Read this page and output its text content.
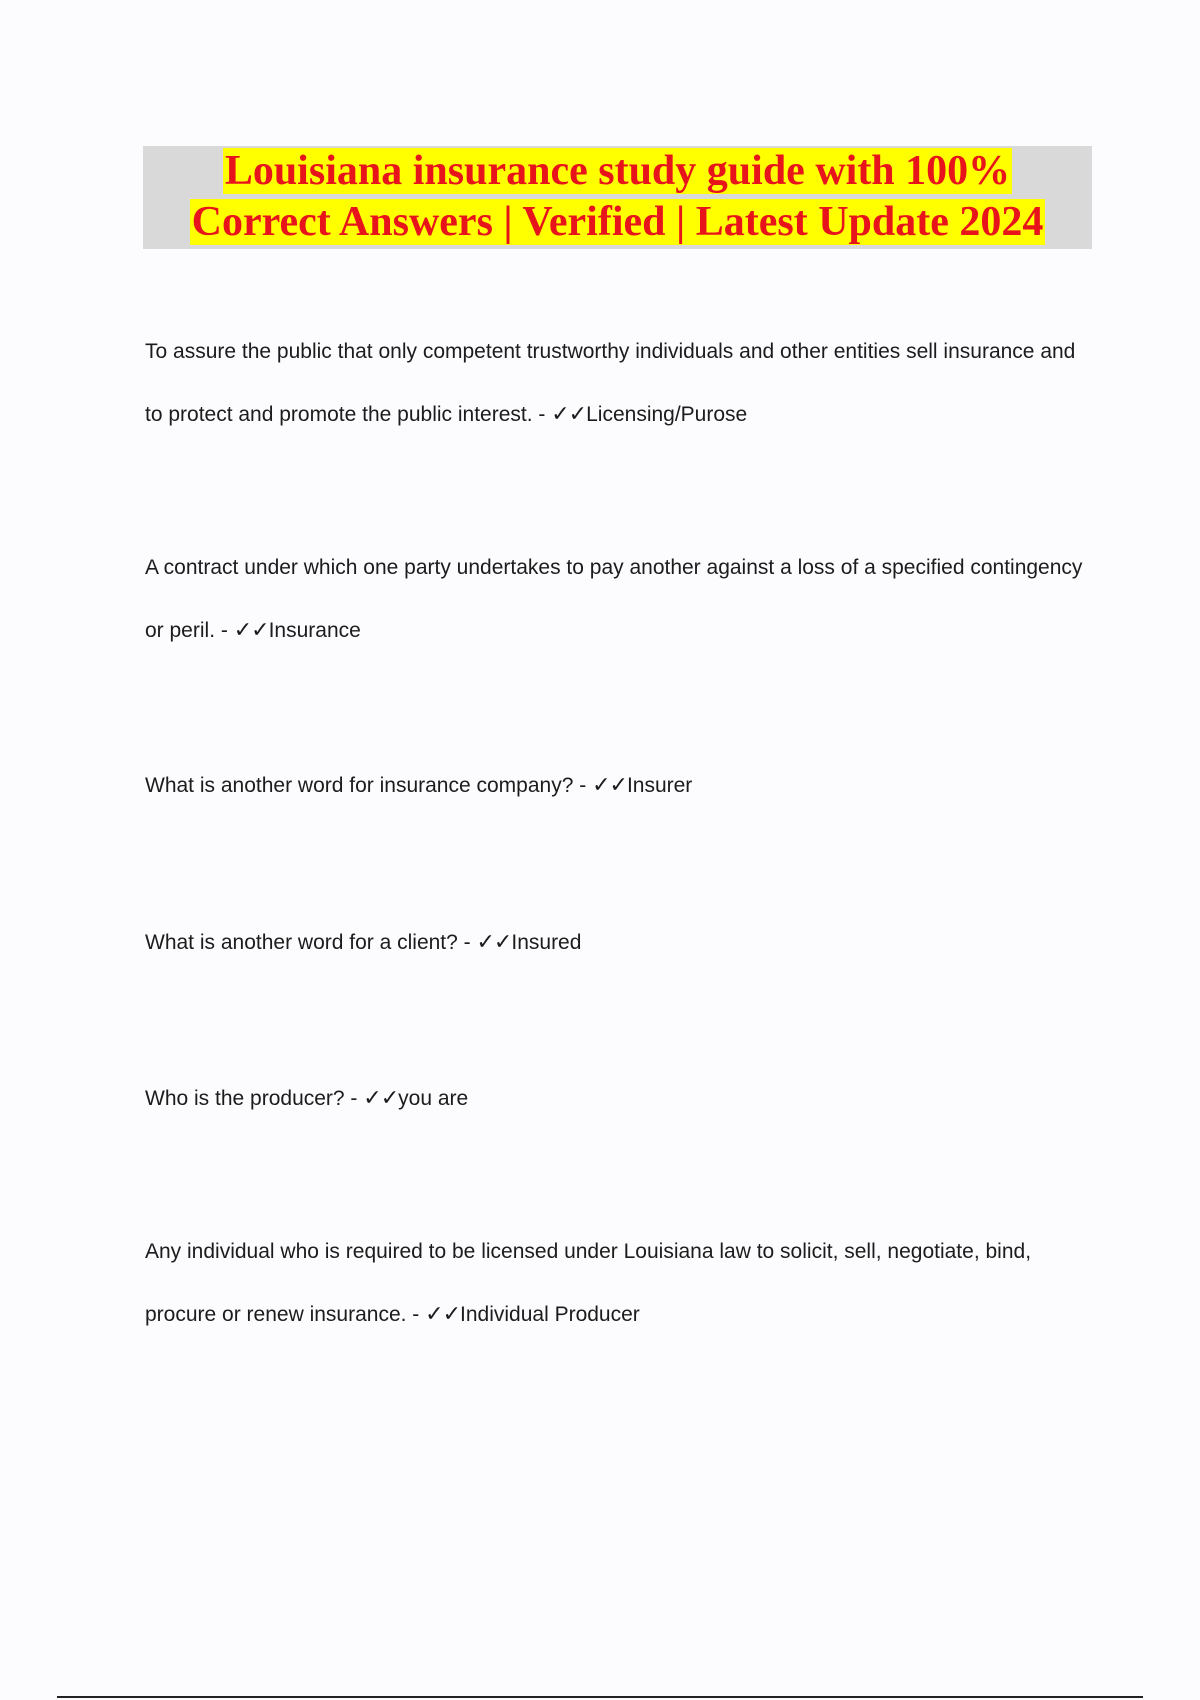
Louisiana insurance study guide with 100%
Correct Answers | Verified | Latest Update 2024
To assure the public that only competent trustworthy individuals and other entities sell insurance and to protect and promote the public interest. - ✓✓Licensing/Purose
A contract under which one party undertakes to pay another against a loss of a specified contingency or peril. - ✓✓Insurance
What is another word for insurance company? - ✓✓Insurer
What is another word for a client? - ✓✓Insured
Who is the producer? - ✓✓you are
Any individual who is required to be licensed under Louisiana law to solicit, sell, negotiate, bind, procure or renew insurance. - ✓✓Individual Producer
